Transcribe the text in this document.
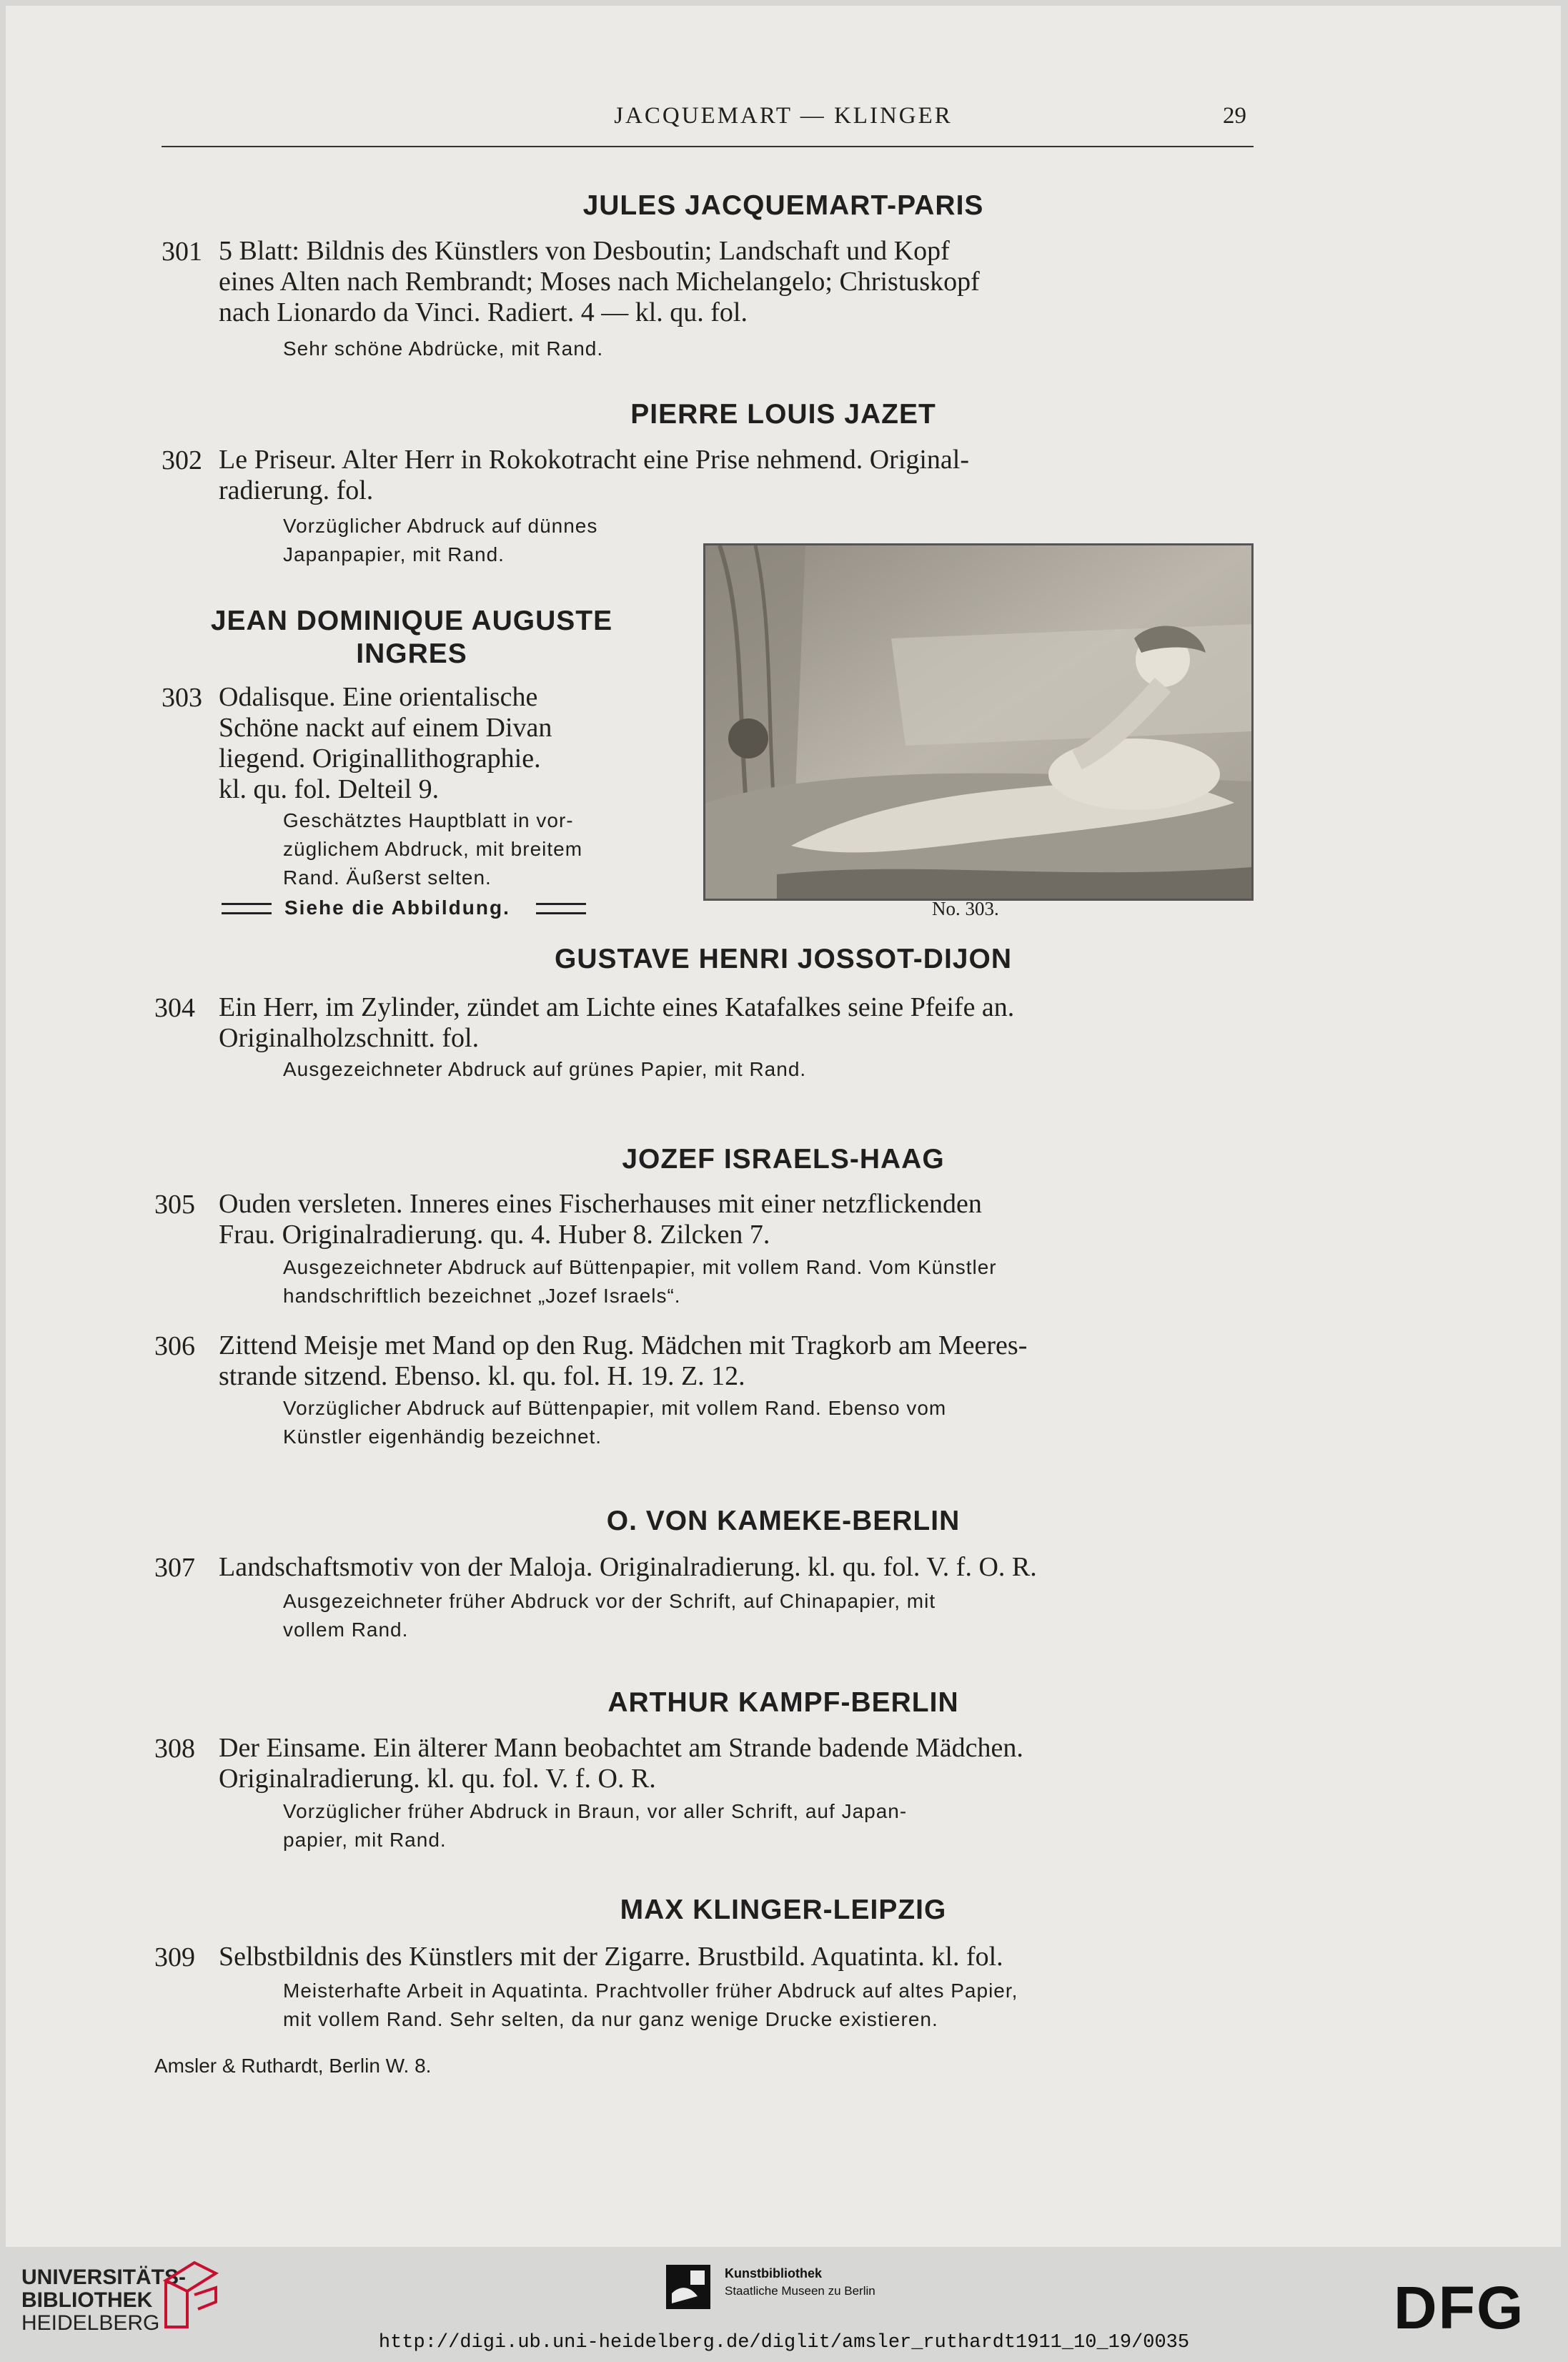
JACQUEMART — KLINGER	29
JULES JACQUEMART-PARIS
301 5 Blatt: Bildnis des Künstlers von Desboutin; Landschaft und Kopf
eines Alten nach Rembrandt; Moses nach Michelangelo; Christuskopf
nach Lionardo da Vinci. Radiert. 4 — kl. qu. fol.
Sehr schöne Abdrücke, mit Rand.
PIERRE LOUIS JAZET
302 Le Priseur. Alter Herr in Rokokotracht eine Prise nehmend. Original-
radierung. fol.
Vorzüglicher Abdruck auf dünnes
Japanpapier, mit Rand.
JEAN DOMINIQUE AUGUSTE
INGRES
303 Odalisque. Eine orientalische
Schöne nackt auf einem Divan
liegend. Originallithographie.
kl. qu. fol. Delteil 9.
Geschätztes Hauptblatt in vor-
züglichem Abdruck, mit breitem
Rand. Äußerst selten.
Siehe die Abbildung.	No. 303.
GUSTAVE HENRI JOSSOT-DIJON
304 Ein Herr, im Zylinder, zündet am Lichte eines Katafalkes seine Pfeife an.
Originalholzschnitt. fol.
Ausgezeichneter Abdruck auf grünes Papier, mit Rand.
JOZEF ISRAELS-HAAG
305 Ouden versleten. Inneres eines Fischerhauses mit einer netzflickenden
Frau. Originalradierung. qu. 4. Huber 8. Zilcken 7.
Ausgezeichneter Abdruck auf Büttenpapier, mit vollem Rand. Vom Künstler
handschriftlich bezeichnet „Jozef Israels“.
306 Zittend Meisje met Mand op den Rug. Mädchen mit Tragkorb am Meeres-
strande sitzend. Ebenso. kl. qu. fol. H. 19. Z. 12.
Vorzüglicher Abdruck auf Büttenpapier, mit vollem Rand. Ebenso vom
Künstler eigenhändig bezeichnet.
O. VON KAMEKE-BERLIN
307 Landschaftsmotiv von der Maloja. Originalradierung. kl. qu. fol. V. f. O. R.
Ausgezeichneter früher Abdruck vor der Schrift, auf Chinapapier, mit
vollem Rand.
ARTHUR KAMPF-BERLIN
308 Der Einsame. Ein älterer Mann beobachtet am Strande badende Mädchen.
Originalradierung. kl. qu. fol. V. f. O. R.
Vorzüglicher früher Abdruck in Braun, vor aller Schrift, auf Japan-
papier, mit Rand.
MAX KLINGER-LEIPZIG
309 Selbstbildnis des Künstlers mit der Zigarre. Brustbild. Aquatinta. kl. fol.
Meisterhafte Arbeit in Aquatinta. Prachtvoller früher Abdruck auf altes Papier,
mit vollem Rand. Sehr selten, da nur ganz wenige Drucke existieren.
Amsler & Ruthardt, Berlin W. 8.
UNIVERSITÄTS-
BIBLIOTHEK
HEIDELBERG
Kunstbibliothek
Staatliche Museen zu Berlin	DFG
http://digi.ub.uni-heidelberg.de/diglit/amsler_ruthardt1911_10_19/0035
